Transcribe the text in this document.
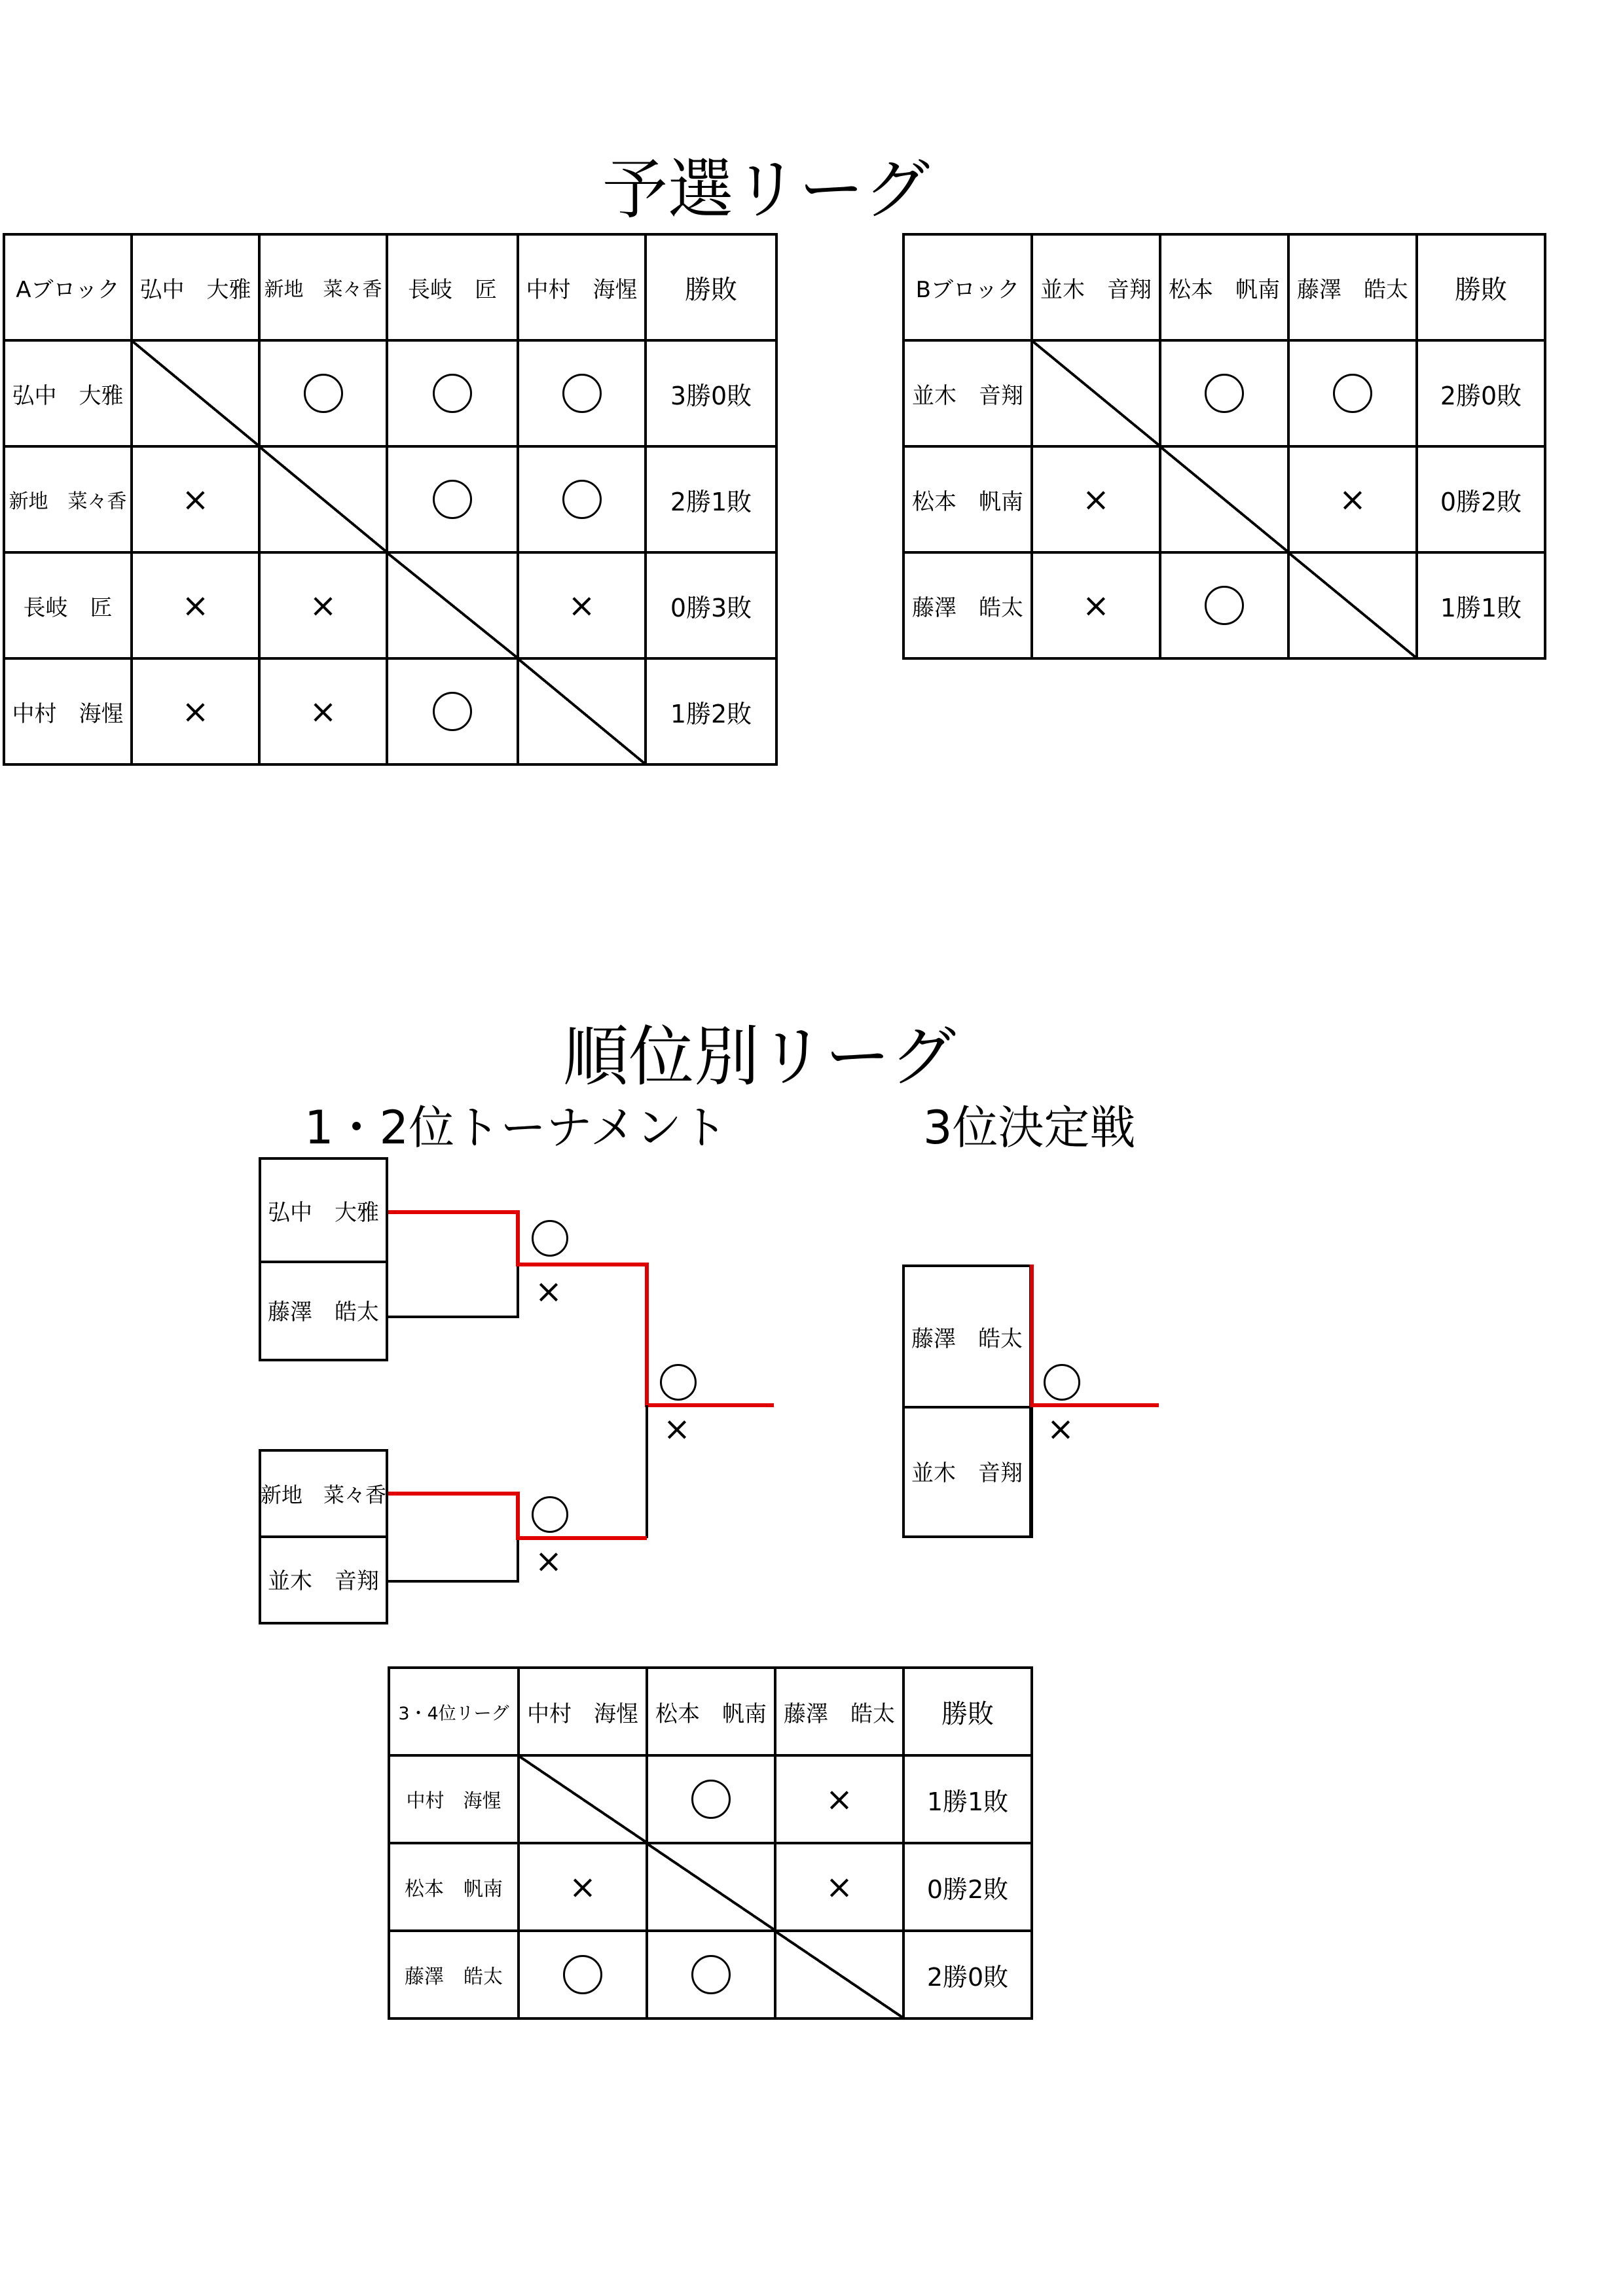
予選リーグ
順位別リーグ
1・2位トーナメント	3位決定戦
Aブロック	弘中　大雅	新地　菜々香	長岐　匠	中村　海惺	勝敗
弘中　大雅					3勝0敗
新地　菜々香	×				2勝1敗
長岐　匠	×	×		×	0勝3敗
中村　海惺	×	×			1勝2敗
Bブロック	並木　音翔	松本　帆南	藤澤　皓太	勝敗
並木　音翔				2勝0敗
松本　帆南	×		×	0勝2敗
藤澤　皓太	×			1勝1敗
弘中　大雅
藤澤　皓太
新地　菜々香
並木　音翔
藤澤　皓太
並木　音翔
×
×
×
×
3・4位リーグ	中村　海惺	松本　帆南	藤澤　皓太	勝敗
中村　海惺			×	1勝1敗
松本　帆南	×		×	0勝2敗
藤澤　皓太				2勝0敗
